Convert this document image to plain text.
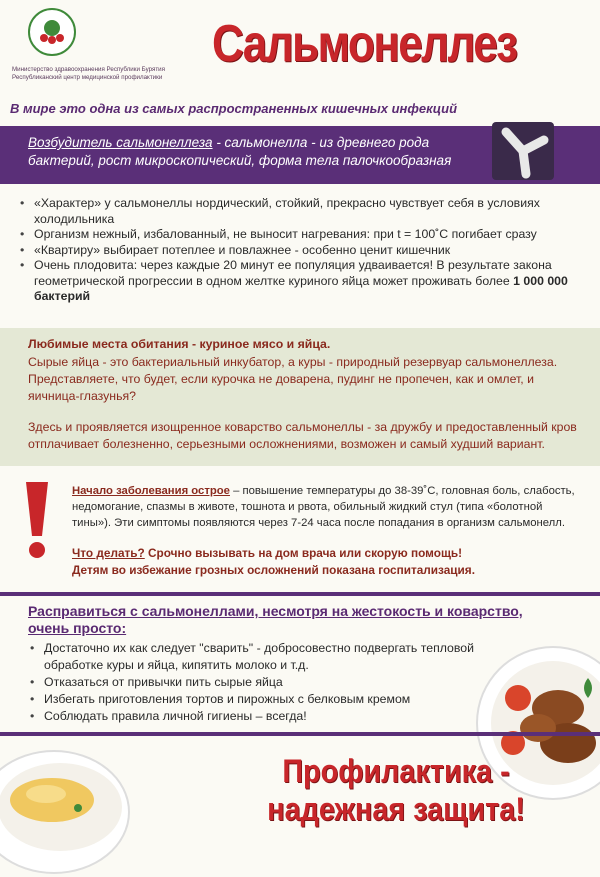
Министерство здравоохранения Республики Бурятия
Республиканский центр медицинской профилактики
Сальмонеллез
В мире это одна из самых распространенных кишечных инфекций
Возбудитель сальмонеллеза - сальмонелла - из древнего рода бактерий, рост микроскопический, форма тела палочкообразная
• «Характер» у сальмонеллы нордический, стойкий, прекрасно чувствует себя в условиях холодильника
• Организм нежный, избалованный, не выносит нагревания: при t = 100˚C погибает сразу
• «Квартиру» выбирает потеплее и повлажнее - особенно ценит кишечник
• Очень плодовита: через каждые 20 минут ее популяция удваивается! В результате закона геометрической прогрессии в одном желтке куриного яйца может проживать более 1 000 000 бактерий
Любимые места обитания - куриное мясо и яйца.
Сырые яйца - это бактериальный инкубатор, а куры - природный резервуар сальмонеллеза. Представляете, что будет, если курочка не доварена, пудинг не пропечен, как и омлет, и яичница-глазунья?
Здесь и проявляется изощренное коварство сальмонеллы - за дружбу и предоставленный кров отплачивает болезненно, серьезными осложнениями, возможен и самый худший вариант.
Начало заболевания острое – повышение температуры до 38-39˚С, головная боль, слабость, недомогание, спазмы в животе, тошнота и рвота, обильный жидкий стул (типа «болотной тины»). Эти симптомы появляются через 7-24 часа после попадания в организм сальмонелл.
Что делать? Срочно вызывать на дом врача или скорую помощь!
Детям во избежание грозных осложнений показана госпитализация.
Расправиться с сальмонеллами, несмотря на жестокость и коварство, очень просто:
• Достаточно их как следует "сварить" - добросовестно подвергать тепловой обработке куры и яйца, кипятить молоко и т.д.
• Отказаться от привычки пить сырые яйца
• Избегать приготовления тортов и пирожных с белковым кремом
• Соблюдать правила личной гигиены – всегда!
Профилактика -
надежная защита!
